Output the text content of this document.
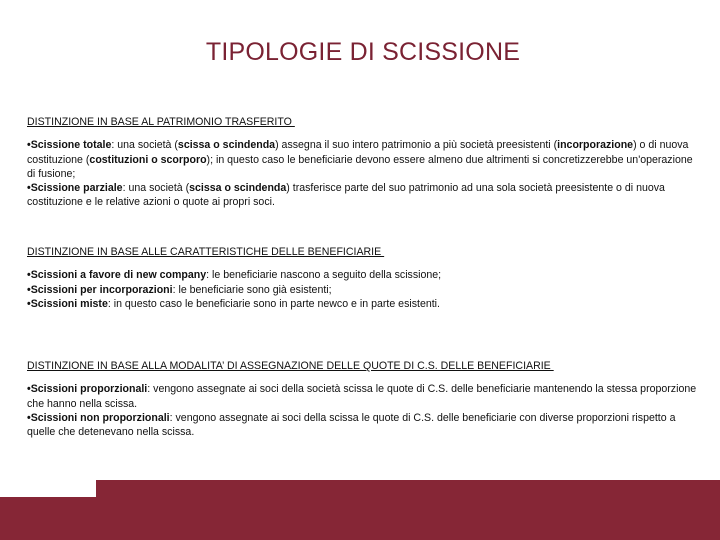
TIPOLOGIE DI SCISSIONE
DISTINZIONE IN BASE AL PATRIMONIO TRASFERITO

•Scissione totale: una società (scissa o scindenda) assegna il suo intero patrimonio a più società preesistenti (incorporazione) o di nuova costituzione (costituzioni o scorporo); in questo caso le beneficiarie devono essere almeno due altrimenti si concretizzerebbe un'operazione di fusione;

•Scissione parziale: una società (scissa o scindenda) trasferisce parte del suo patrimonio ad una sola società preesistente o di nuova costituzione e le relative azioni o quote ai propri soci.

DISTINZIONE IN BASE ALLE CARATTERISTICHE DELLE BENEFICIARIE

•Scissioni a favore di new company: le beneficiarie nascono a seguito della scissione;

•Scissioni per incorporazioni: le beneficiarie sono già esistenti;

•Scissioni miste: in questo caso le beneficiarie sono in parte newco e in parte esistenti.

DISTINZIONE IN BASE ALLA MODALITA’ DI ASSEGNAZIONE DELLE QUOTE DI C.S. DELLE BENEFICIARIE

•Scissioni proporzionali: vengono assegnate ai soci della società scissa le quote di C.S. delle beneficiarie mantenendo la stessa proporzione che hanno nella scissa.

•Scissioni non proporzionali: vengono assegnate ai soci della scissa le quote di C.S. delle beneficiarie con diverse proporzioni rispetto a quelle che detenevano nella scissa.
